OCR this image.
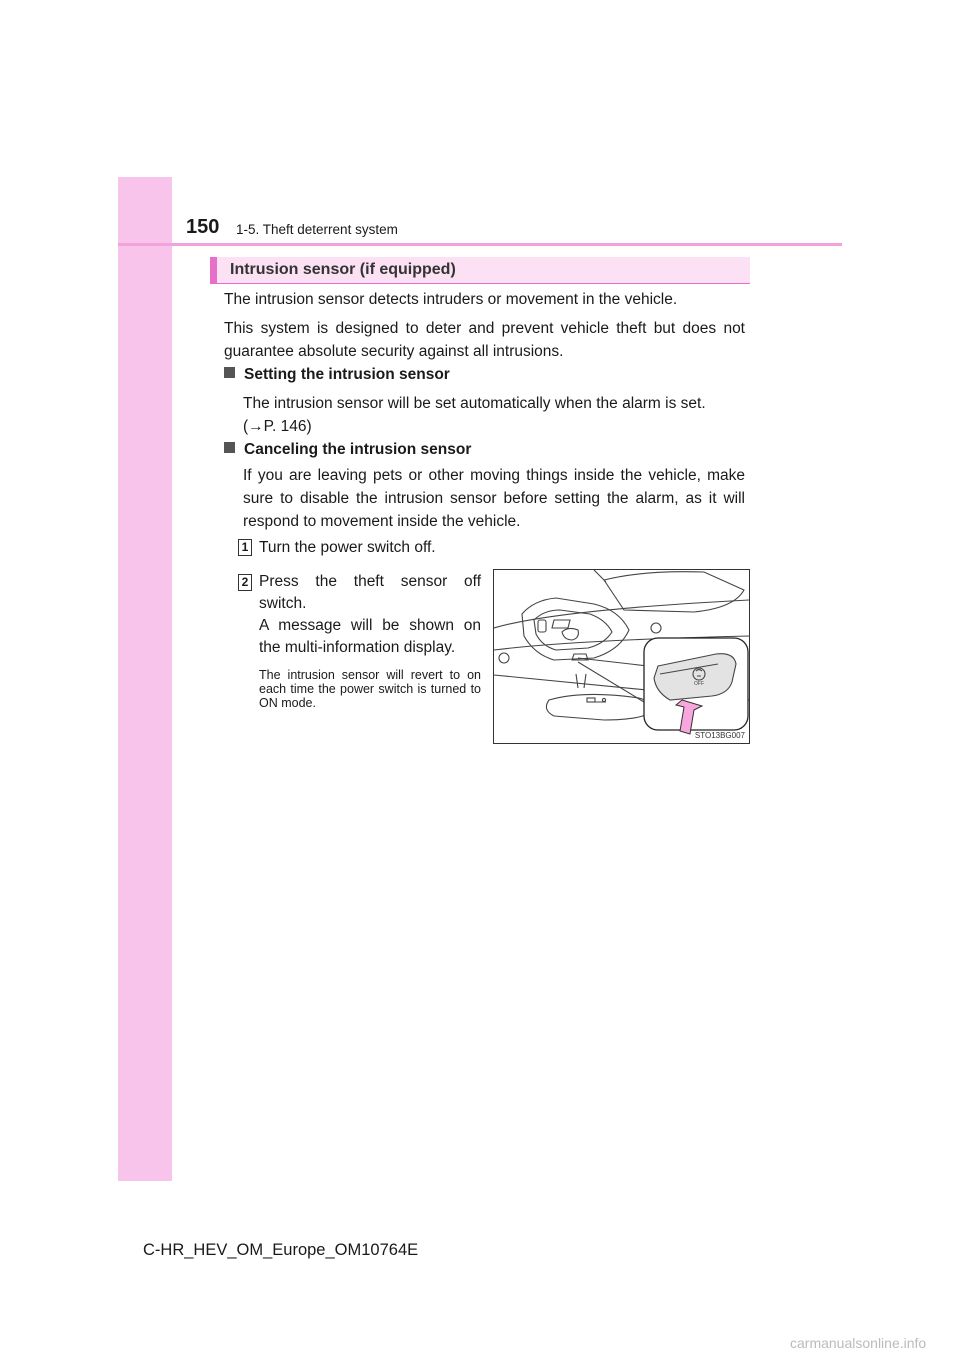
150 1-5. Theft deterrent system
Intrusion sensor (if equipped)

The intrusion sensor detects intruders or movement in the vehicle.

This system is designed to deter and prevent vehicle theft but does not guarantee absolute security against all intrusions.

Setting the intrusion sensor

The intrusion sensor will be set automatically when the alarm is set.
(→P. 146)

Canceling the intrusion sensor

If you are leaving pets or other moving things inside the vehicle, make sure to disable the intrusion sensor before setting the alarm, as it will respond to movement inside the vehicle.

1 Turn the power switch off.
2 Press the theft sensor off
switch.
A message will be shown on
the multi-information display.

The intrusion sensor will revert to on each time the power switch is turned to ON mode.

OFF
STO13BG007
C-HR_HEV_OM_Europe_OM10764E
carmanualsonline.info
